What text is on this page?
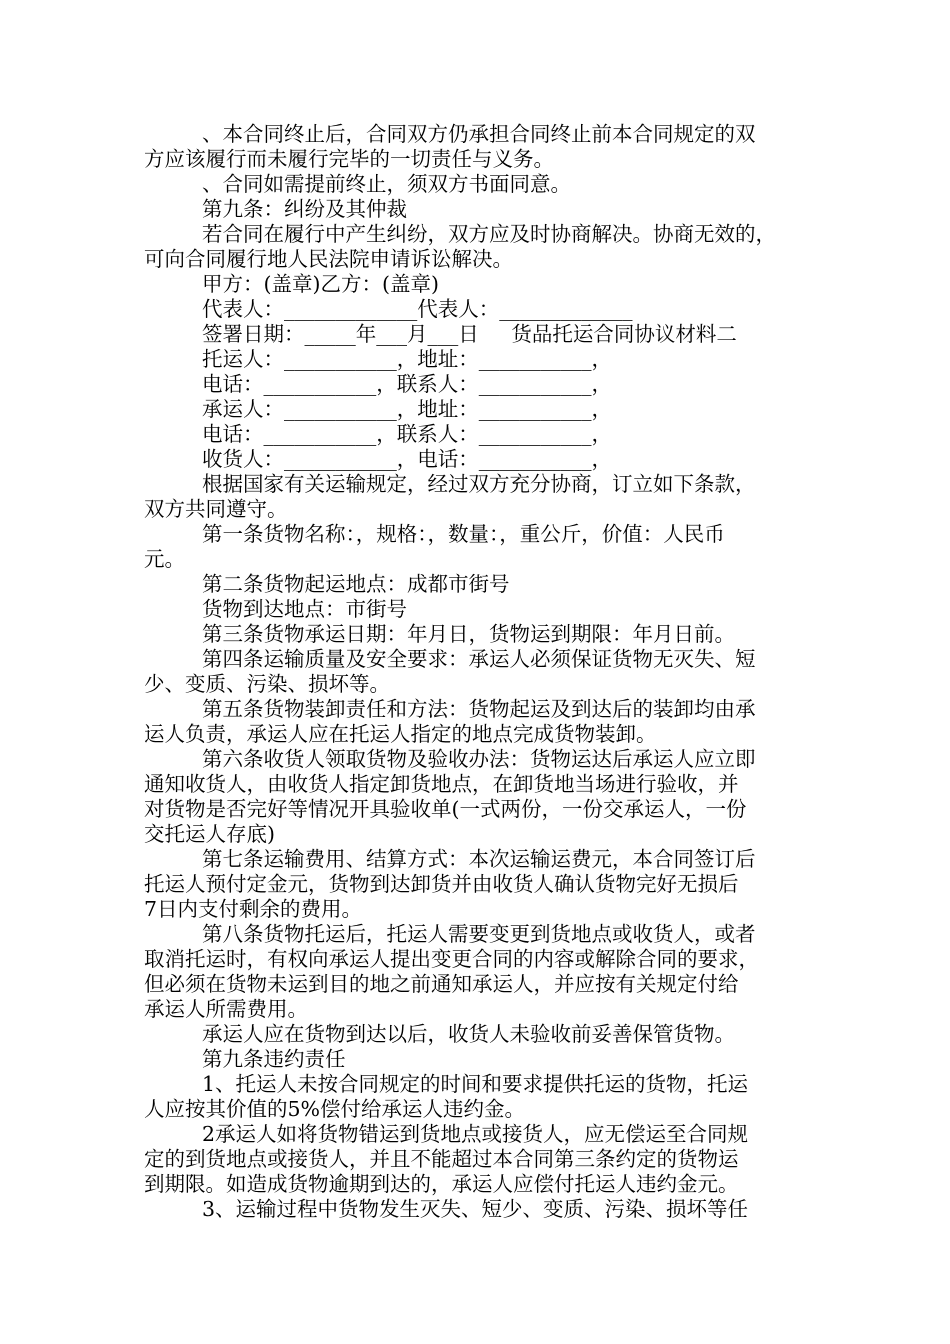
、本合同终止后，合同双方仍承担合同终止前本合同规定的双
方应该履行而未履行完毕的一切责任与义务。
、合同如需提前终止，须双方书面同意。
第九条：纠纷及其仲裁
若合同在履行中产生纠纷，双方应及时协商解决。协商无效的，
可向合同履行地人民法院申请诉讼解决。
甲方：(盖章)乙方：(盖章)
代表人：_____________代表人：_____________
签署日期：_____年___月___日     货品托运合同协议材料二
托运人：___________，地址：___________，
电话：___________，联系人：___________，
承运人：___________，地址：___________，
电话：___________，联系人：___________，
收货人：___________，电话：___________，
根据国家有关运输规定，经过双方充分协商，订立如下条款，
双方共同遵守。
第一条货物名称：，规格：，数量：，重公斤，价值：人民币
元。
第二条货物起运地点：成都市街号
货物到达地点：市街号
第三条货物承运日期：年月日，货物运到期限：年月日前。
第四条运输质量及安全要求：承运人必须保证货物无灭失、短
少、变质、污染、损坏等。
第五条货物装卸责任和方法：货物起运及到达后的装卸均由承
运人负责，承运人应在托运人指定的地点完成货物装卸。
第六条收货人领取货物及验收办法：货物运达后承运人应立即
通知收货人，由收货人指定卸货地点，在卸货地当场进行验收，并
对货物是否完好等情况开具验收单(一式两份，一份交承运人，一份
交托运人存底)
第七条运输费用、结算方式：本次运输运费元，本合同签订后
托运人预付定金元，货物到达卸货并由收货人确认货物完好无损后
7日内支付剩余的费用。
第八条货物托运后，托运人需要变更到货地点或收货人，或者
取消托运时，有权向承运人提出变更合同的内容或解除合同的要求，
但必须在货物未运到目的地之前通知承运人，并应按有关规定付给
承运人所需费用。
承运人应在货物到达以后，收货人未验收前妥善保管货物。
第九条违约责任
1、托运人未按合同规定的时间和要求提供托运的货物，托运
人应按其价值的5%偿付给承运人违约金。
2承运人如将货物错运到货地点或接货人，应无偿运至合同规
定的到货地点或接货人，并且不能超过本合同第三条约定的货物运
到期限。如造成货物逾期到达的，承运人应偿付托运人违约金元。
3、运输过程中货物发生灭失、短少、变质、污染、损坏等任
